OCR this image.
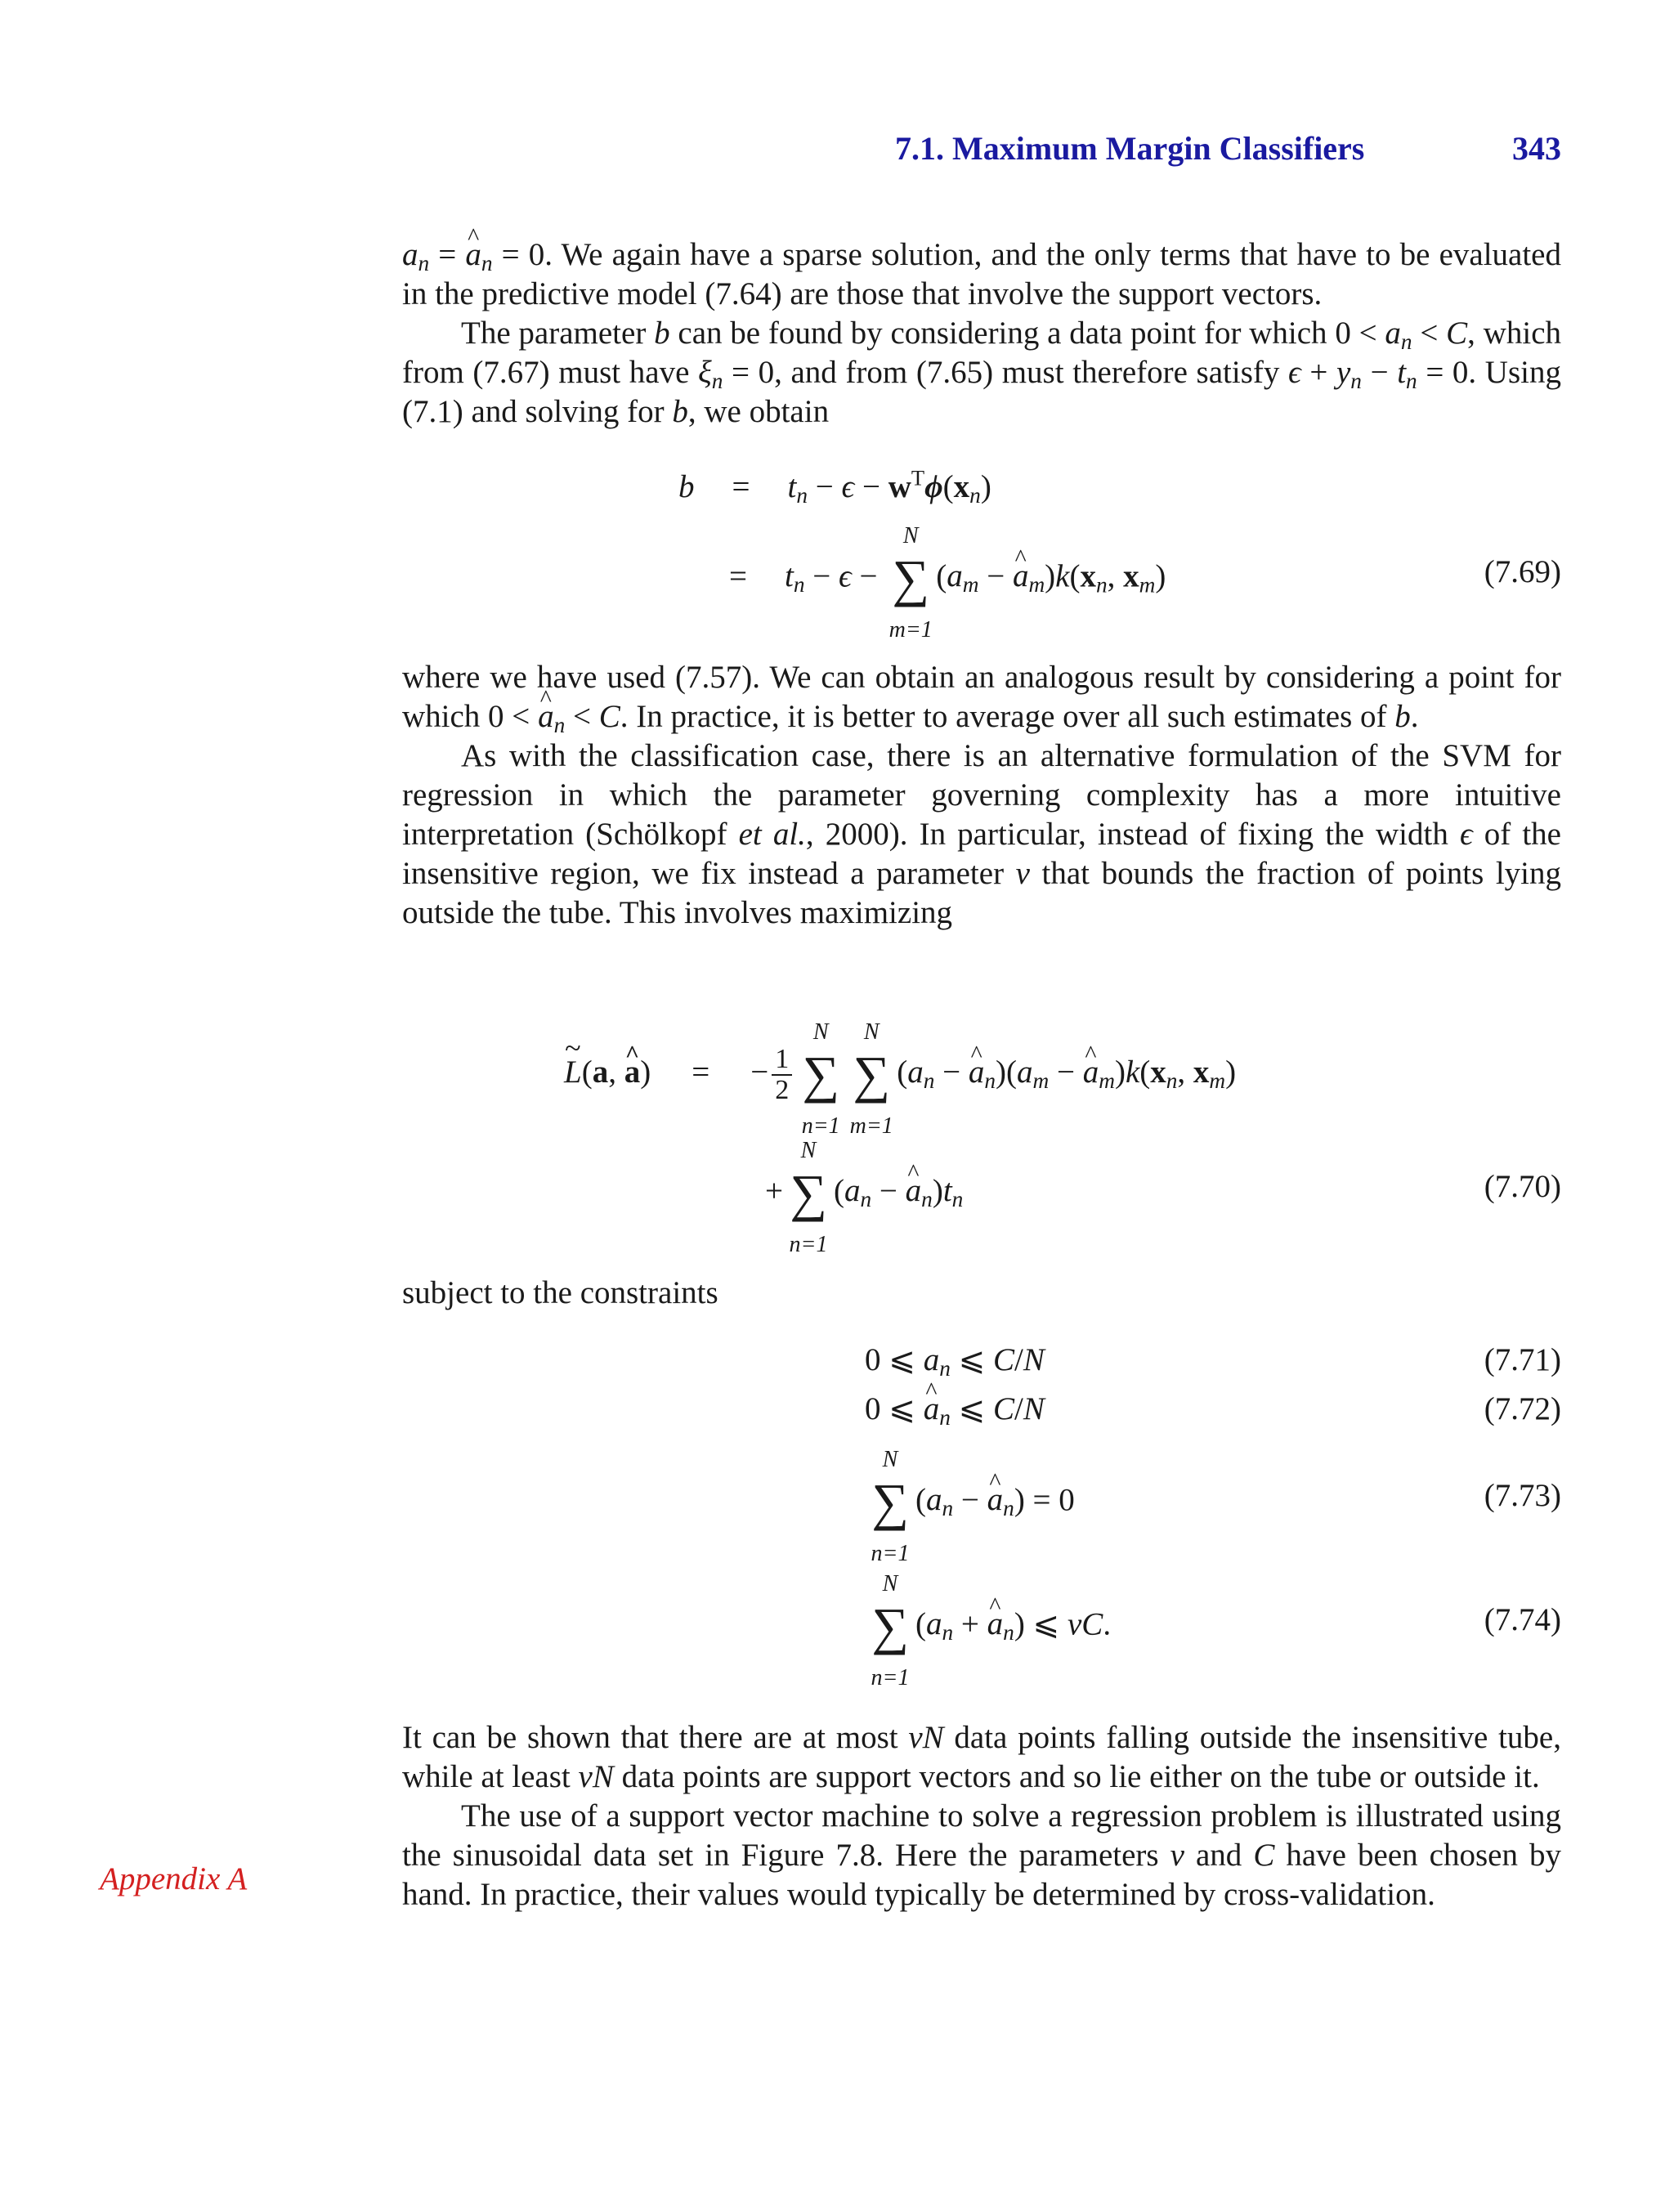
7.1. Maximum Margin Classifiers	343

$a_n$ = ^ $a_n = 0$. We again have a sparse solution, and the only terms that have to be evaluated in the predictive model (7.64) are those that involve the support vectors.

The parameter b can be found by considering a data point for which $0 < a_n < C$, which from (7.67) must have $\xi_n = 0$, and from (7.65) must therefore satisfy $\epsilon + y_n - t_n = 0$. Using (7.1) and solving for b, we obtain

$b = t_n - \epsilon - w^T\phi(x_n)$
= $t_n - \epsilon$ −
N
∑
m=1
($a_m$ − ^ $a_m)k(x_n$, $x_m$)	(7.69)

where we have used (7.57). We can obtain an analogous result by considering a point for which 0 < ^ $a_n < C$. In practice, it is better to average over all such estimates of b.

As with the classification case, there is an alternative formulation of the SVM for regression in which the parameter governing complexity has a more intuitive interpretation (Schölkopf et al., 2000). In particular, instead of fixing the width ϵ of the insensitive region, we fix instead a parameter ν that bounds the fraction of points lying outside the tube. This involves maximizing

~ L(a, ^ a) = − $\frac{1}{2}$
N
∑
n=1
N
∑
m=1
($a_n$ − ^ $a_n)(a_m$ − ^ $a_m)k(x_n$, $x_m$)
+
N
∑
n=1
($a_n$ − ^ $a_n)t_n$	(7.70)

subject to the constraints

0 ⩽ $a_n$ ⩽ C/N	(7.71)
0 ⩽ ^ $a_n$ ⩽ C/N	(7.72)
N
∑
n=1
($a_n$ − ^ $a_n) = 0$	(7.73)
N
∑
n=1
($a_n$ + ^ $a_n$) ⩽ νC.	(7.74)

It can be shown that there are at most νN data points falling outside the insensitive tube, while at least νN data points are support vectors and so lie either on the tube or outside it.

The use of a support vector machine to solve a regression problem is illustrated using the sinusoidal data set in Figure 7.8. Here the parameters ν and C have been chosen by hand. In practice, their values would typically be determined by cross-validation.

Appendix A
